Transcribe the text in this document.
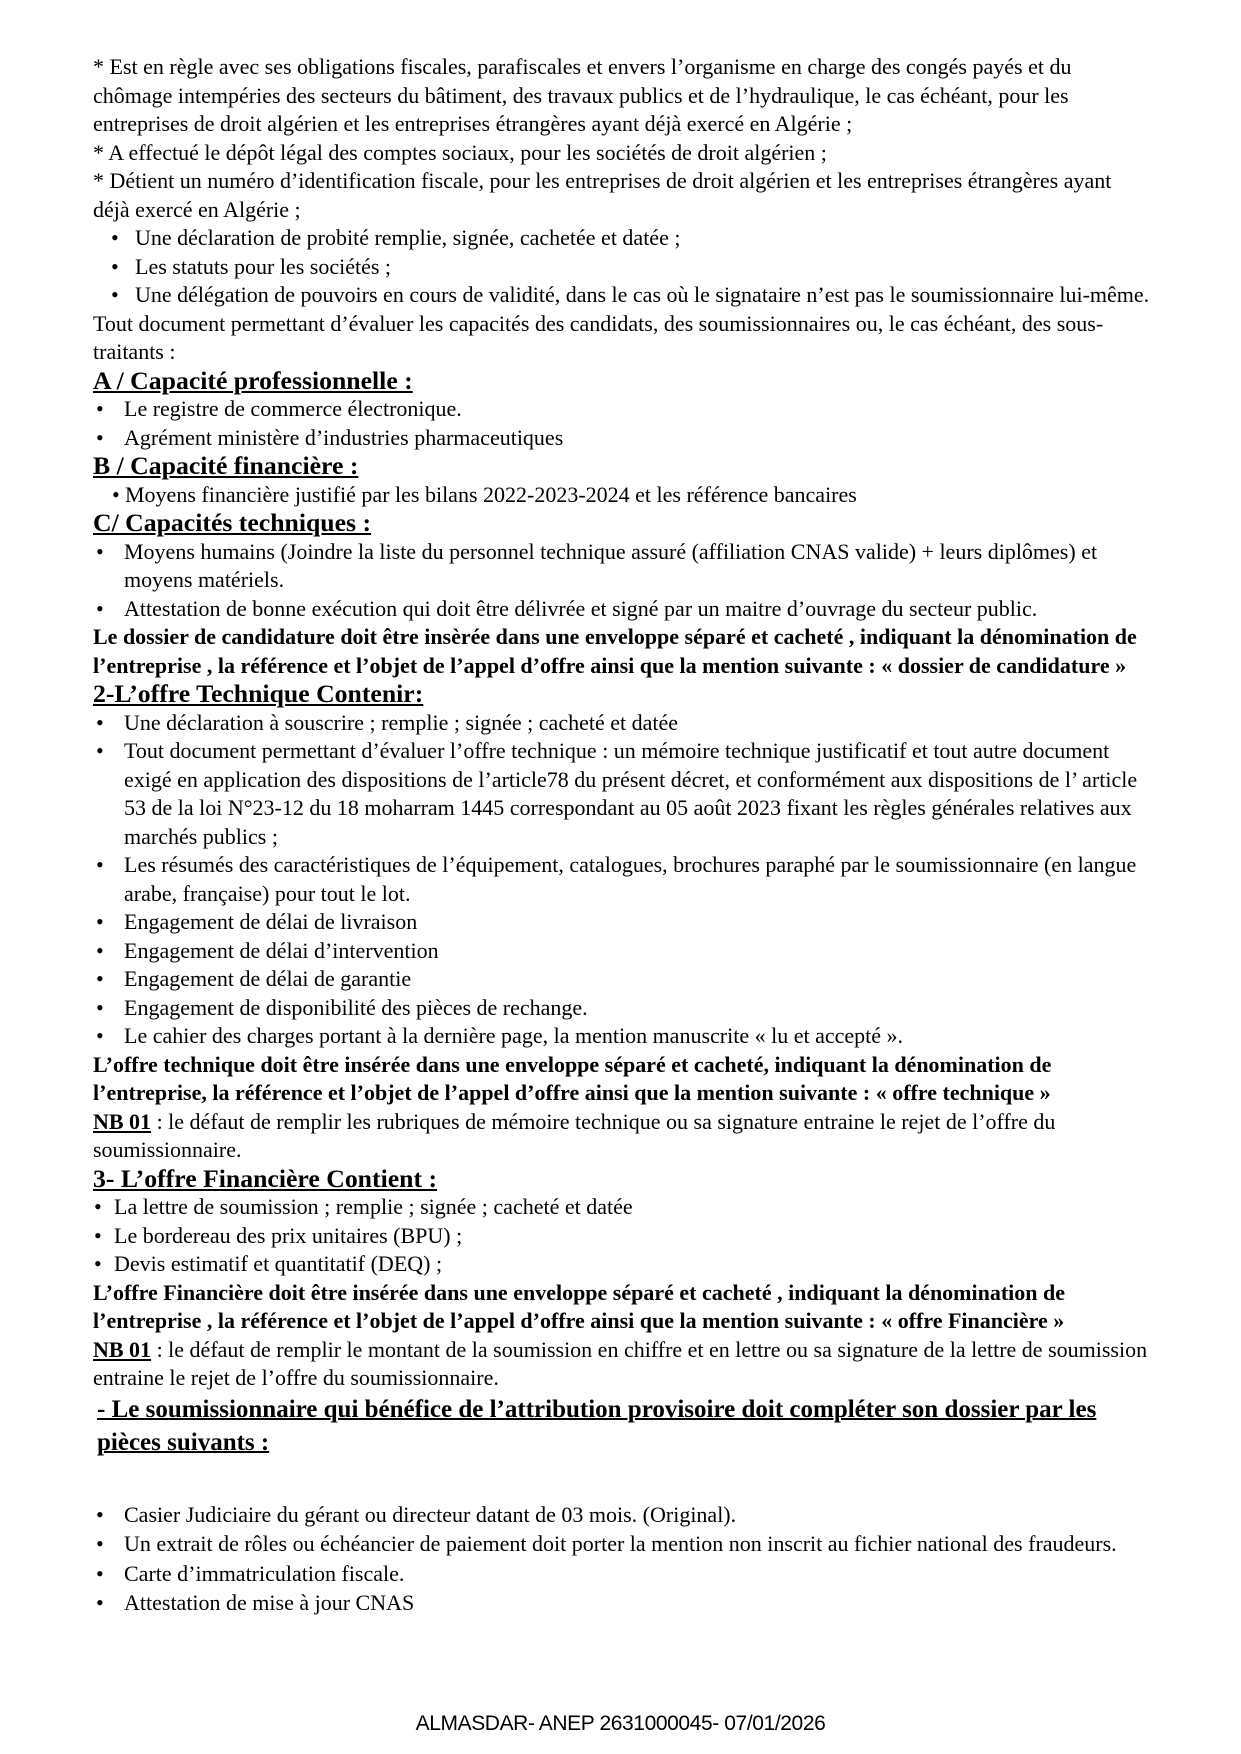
* Est en règle avec ses obligations fiscales, parafiscales et envers l’organisme en charge des congés payés et du chômage intempéries des secteurs du bâtiment, des travaux publics et de l’hydraulique, le cas échéant, pour les entreprises de droit algérien et les entreprises étrangères ayant déjà exercé en Algérie ;

* A effectué le dépôt légal des comptes sociaux, pour les sociétés de droit algérien ;

* Détient un numéro d’identification fiscale, pour les entreprises de droit algérien et les entreprises étrangères ayant déjà exercé en Algérie ;

• Une déclaration de probité remplie, signée, cachetée et datée ;
• Les statuts pour les sociétés ;
• Une délégation de pouvoirs en cours de validité, dans le cas où le signataire n’est pas le soumissionnaire lui-même.

Tout document permettant d’évaluer les capacités des candidats, des soumissionnaires ou, le cas échéant, des sous-traitants :

A / Capacité professionnelle :
• Le registre de commerce électronique.
• Agrément ministère d’industries pharmaceutiques
B / Capacité financière :
• Moyens financière justifié par les bilans 2022-2023-2024 et les référence bancaires
C/ Capacités techniques :
• Moyens humains (Joindre la liste du personnel technique assuré (affiliation CNAS valide) + leurs diplômes) et moyens matériels.
• Attestation de bonne exécution qui doit être délivrée et signé par un maitre d’ouvrage du secteur public.

Le dossier de candidature doit être insèrée dans une enveloppe séparé et cacheté , indiquant la dénomination de l’entreprise , la référence et l’objet de l’appel d’offre ainsi que la mention suivante : « dossier de candidature »

2-L’offre Technique Contenir:
• Une déclaration à souscrire ; remplie ; signée ; cacheté et datée
• Tout document permettant d’évaluer l’offre technique : un mémoire technique justificatif et tout autre document exigé en application des dispositions de l’article78 du présent décret, et conformément aux dispositions de l’ article 53 de la loi N°23-12 du 18 moharram 1445 correspondant au 05 août 2023 fixant les règles générales relatives aux marchés publics ;
• Les résumés des caractéristiques de l’équipement, catalogues, brochures paraphé par le soumissionnaire (en langue arabe, française) pour tout le lot.
• Engagement de délai de livraison
• Engagement de délai d’intervention
• Engagement de délai de garantie
• Engagement de disponibilité des pièces de rechange.
• Le cahier des charges portant à la dernière page, la mention manuscrite « lu et accepté ».

L’offre technique doit être insérée dans une enveloppe séparé et cacheté, indiquant la dénomination de l’entreprise, la référence et l’objet de l’appel d’offre ainsi que la mention suivante : « offre technique »

NB 01 : le défaut de remplir les rubriques de mémoire technique ou sa signature entraine le rejet de l’offre du soumissionnaire.

3- L’offre Financière Contient :
• La lettre de soumission ; remplie ; signée ; cacheté et datée
• Le bordereau des prix unitaires (BPU) ;
• Devis estimatif et quantitatif (DEQ) ;

L’offre Financière doit être insérée dans une enveloppe séparé et cacheté , indiquant la dénomination de l’entreprise , la référence et l’objet de l’appel d’offre ainsi que la mention suivante : « offre Financière »

NB 01 : le défaut de remplir le montant de la soumission en chiffre et en lettre ou sa signature de la lettre de soumission entraine le rejet de l’offre du soumissionnaire.

- Le soumissionnaire qui bénéfice de l’attribution provisoire doit compléter son dossier par les pièces suivants :
• Casier Judiciaire du gérant ou directeur datant de 03 mois. (Original).
• Un extrait de rôles ou échéancier de paiement doit porter la mention non inscrit au fichier national des fraudeurs.
• Carte d’immatriculation fiscale.
• Attestation de mise à jour CNAS
ALMASDAR- ANEP 2631000045- 07/01/2026
